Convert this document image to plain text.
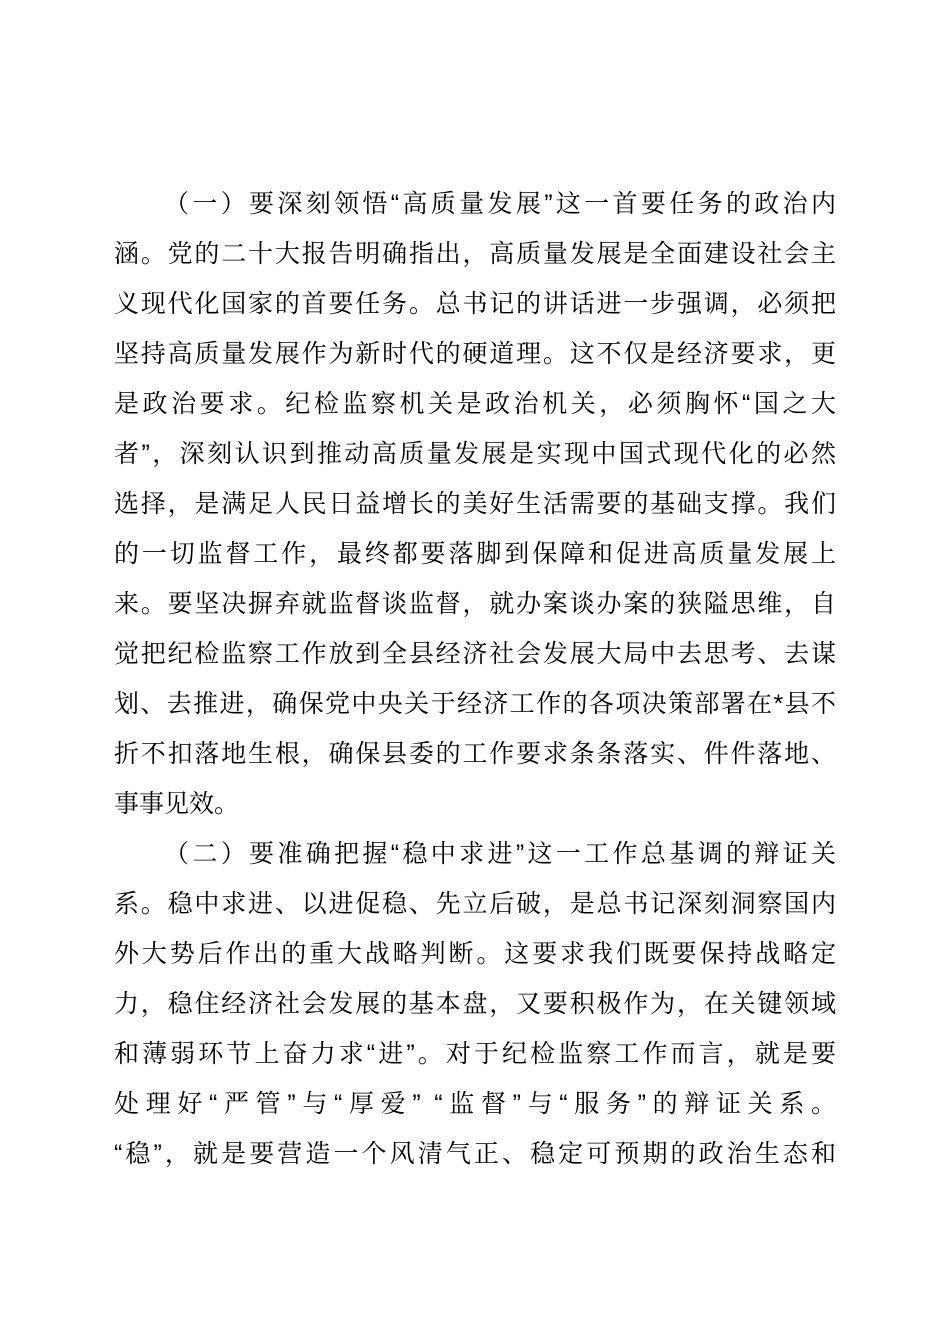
（一）要深刻领悟“高质量发展”这一首要任务的政治内
涵。党的二十大报告明确指出，高质量发展是全面建设社会主
义现代化国家的首要任务。总书记的讲话进一步强调，必须把
坚持高质量发展作为新时代的硬道理。这不仅是经济要求，更
是政治要求。纪检监察机关是政治机关，必须胸怀“国之大
者”，深刻认识到推动高质量发展是实现中国式现代化的必然
选择，是满足人民日益增长的美好生活需要的基础支撑。我们
的一切监督工作，最终都要落脚到保障和促进高质量发展上
来。要坚决摒弃就监督谈监督，就办案谈办案的狭隘思维，自
觉把纪检监察工作放到全县经济社会发展大局中去思考、去谋
划、去推进，确保党中央关于经济工作的各项决策部署在*县不
折不扣落地生根，确保县委的工作要求条条落实、件件落地、
事事见效。
（二）要准确把握“稳中求进”这一工作总基调的辩证关
系。稳中求进、以进促稳、先立后破，是总书记深刻洞察国内
外大势后作出的重大战略判断。这要求我们既要保持战略定
力，稳住经济社会发展的基本盘，又要积极作为，在关键领域
和薄弱环节上奋力求“进”。对于纪检监察工作而言，就是要
处理好“严管”与“厚爱” “监督”与“服务”的辩证关系。
“稳”，就是要营造一个风清气正、稳定可预期的政治生态和
